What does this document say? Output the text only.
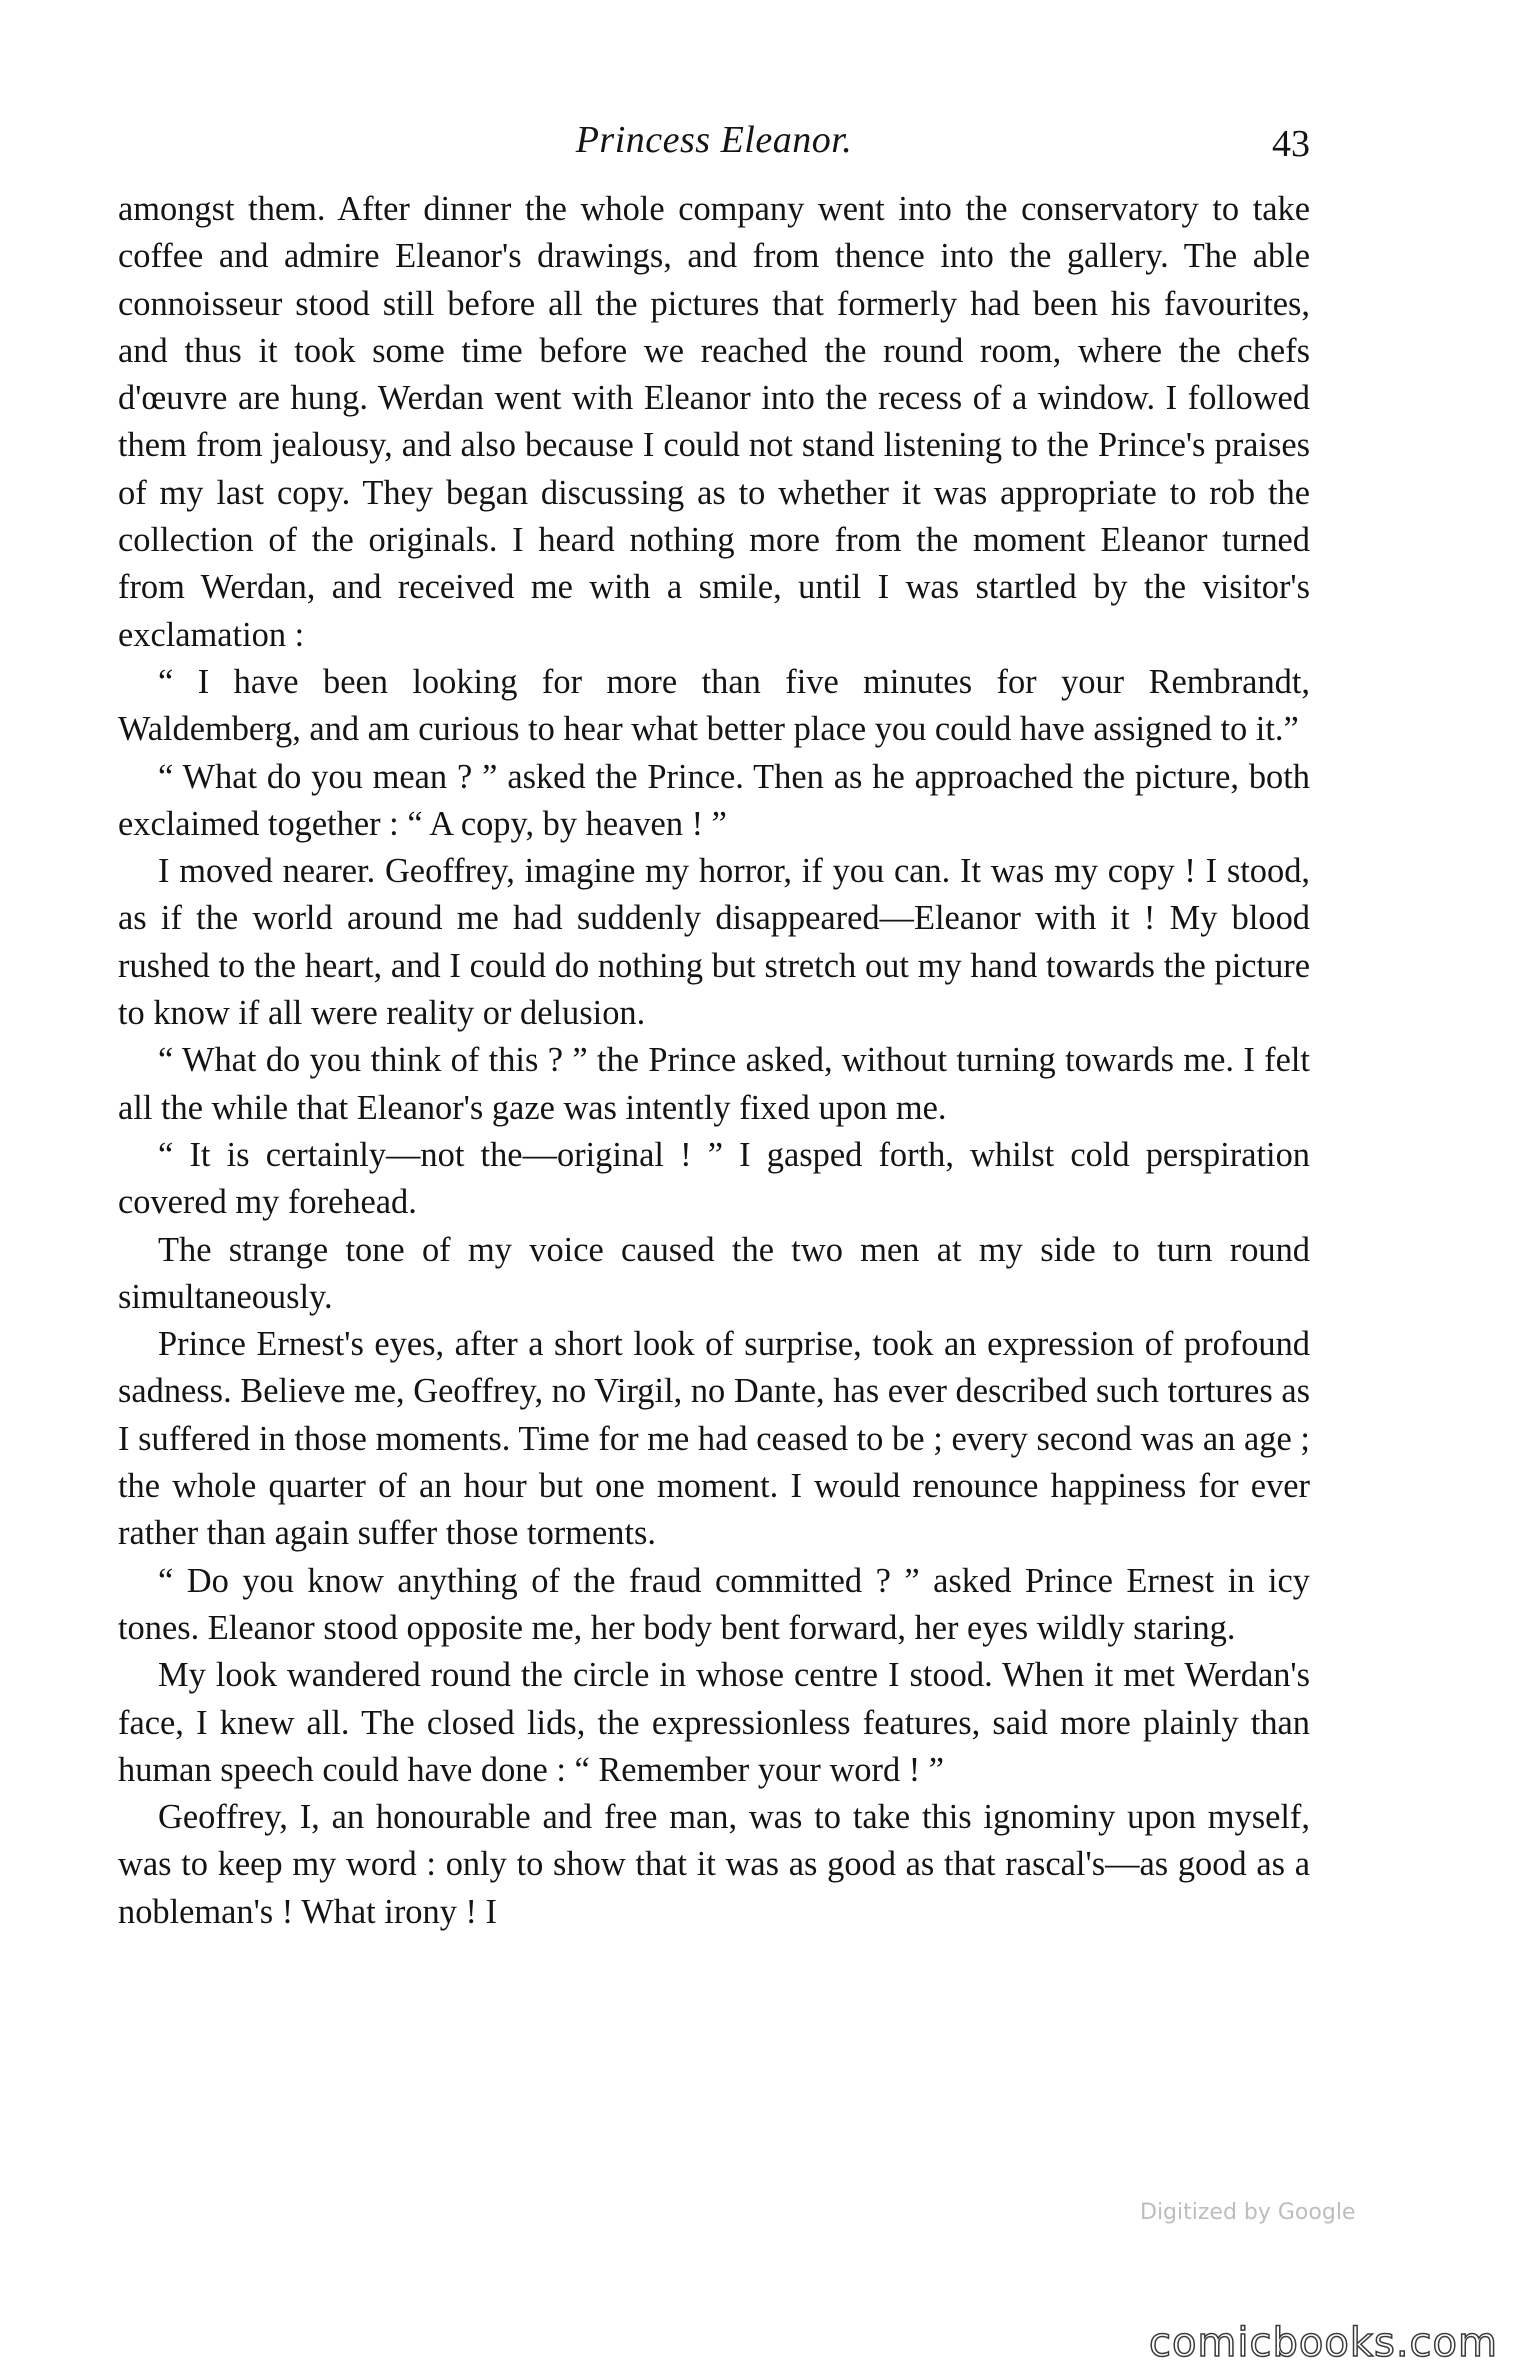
Princess Eleanor.	43

amongst them. After dinner the whole company went into the conservatory to take coffee and admire Eleanor's drawings, and from thence into the gallery. The able connoisseur stood still before all the pictures that formerly had been his favourites, and thus it took some time before we reached the round room, where the chefs d'œuvre are hung. Werdan went with Eleanor into the recess of a window. I followed them from jealousy, and also because I could not stand listening to the Prince's praises of my last copy. They began discussing as to whether it was appropriate to rob the collection of the originals. I heard nothing more from the moment Eleanor turned from Werdan, and received me with a smile, until I was startled by the visitor's exclamation :

“ I have been looking for more than five minutes for your Rembrandt, Waldemberg, and am curious to hear what better place you could have assigned to it.”

“ What do you mean ? ” asked the Prince. Then as he approached the picture, both exclaimed together : “ A copy, by heaven ! ”

I moved nearer. Geoffrey, imagine my horror, if you can. It was my copy ! I stood, as if the world around me had suddenly disappeared—Eleanor with it ! My blood rushed to the heart, and I could do nothing but stretch out my hand towards the picture to know if all were reality or delusion.

“ What do you think of this ? ” the Prince asked, without turning towards me. I felt all the while that Eleanor's gaze was intently fixed upon me.

“ It is certainly—not the—original ! ” I gasped forth, whilst cold perspiration covered my forehead.

The strange tone of my voice caused the two men at my side to turn round simultaneously.

Prince Ernest's eyes, after a short look of surprise, took an expression of profound sadness. Believe me, Geoffrey, no Virgil, no Dante, has ever described such tortures as I suffered in those moments. Time for me had ceased to be ; every second was an age ; the whole quarter of an hour but one moment. I would renounce happiness for ever rather than again suffer those torments.

“ Do you know anything of the fraud committed ? ” asked Prince Ernest in icy tones. Eleanor stood opposite me, her body bent forward, her eyes wildly staring.

My look wandered round the circle in whose centre I stood. When it met Werdan's face, I knew all. The closed lids, the expressionless features, said more plainly than human speech could have done : “ Remember your word ! ”

Geoffrey, I, an honourable and free man, was to take this ignominy upon myself, was to keep my word : only to show that it was as good as that rascal's—as good as a nobleman's ! What irony ! I

Digitized by Google
comicbooks.com
